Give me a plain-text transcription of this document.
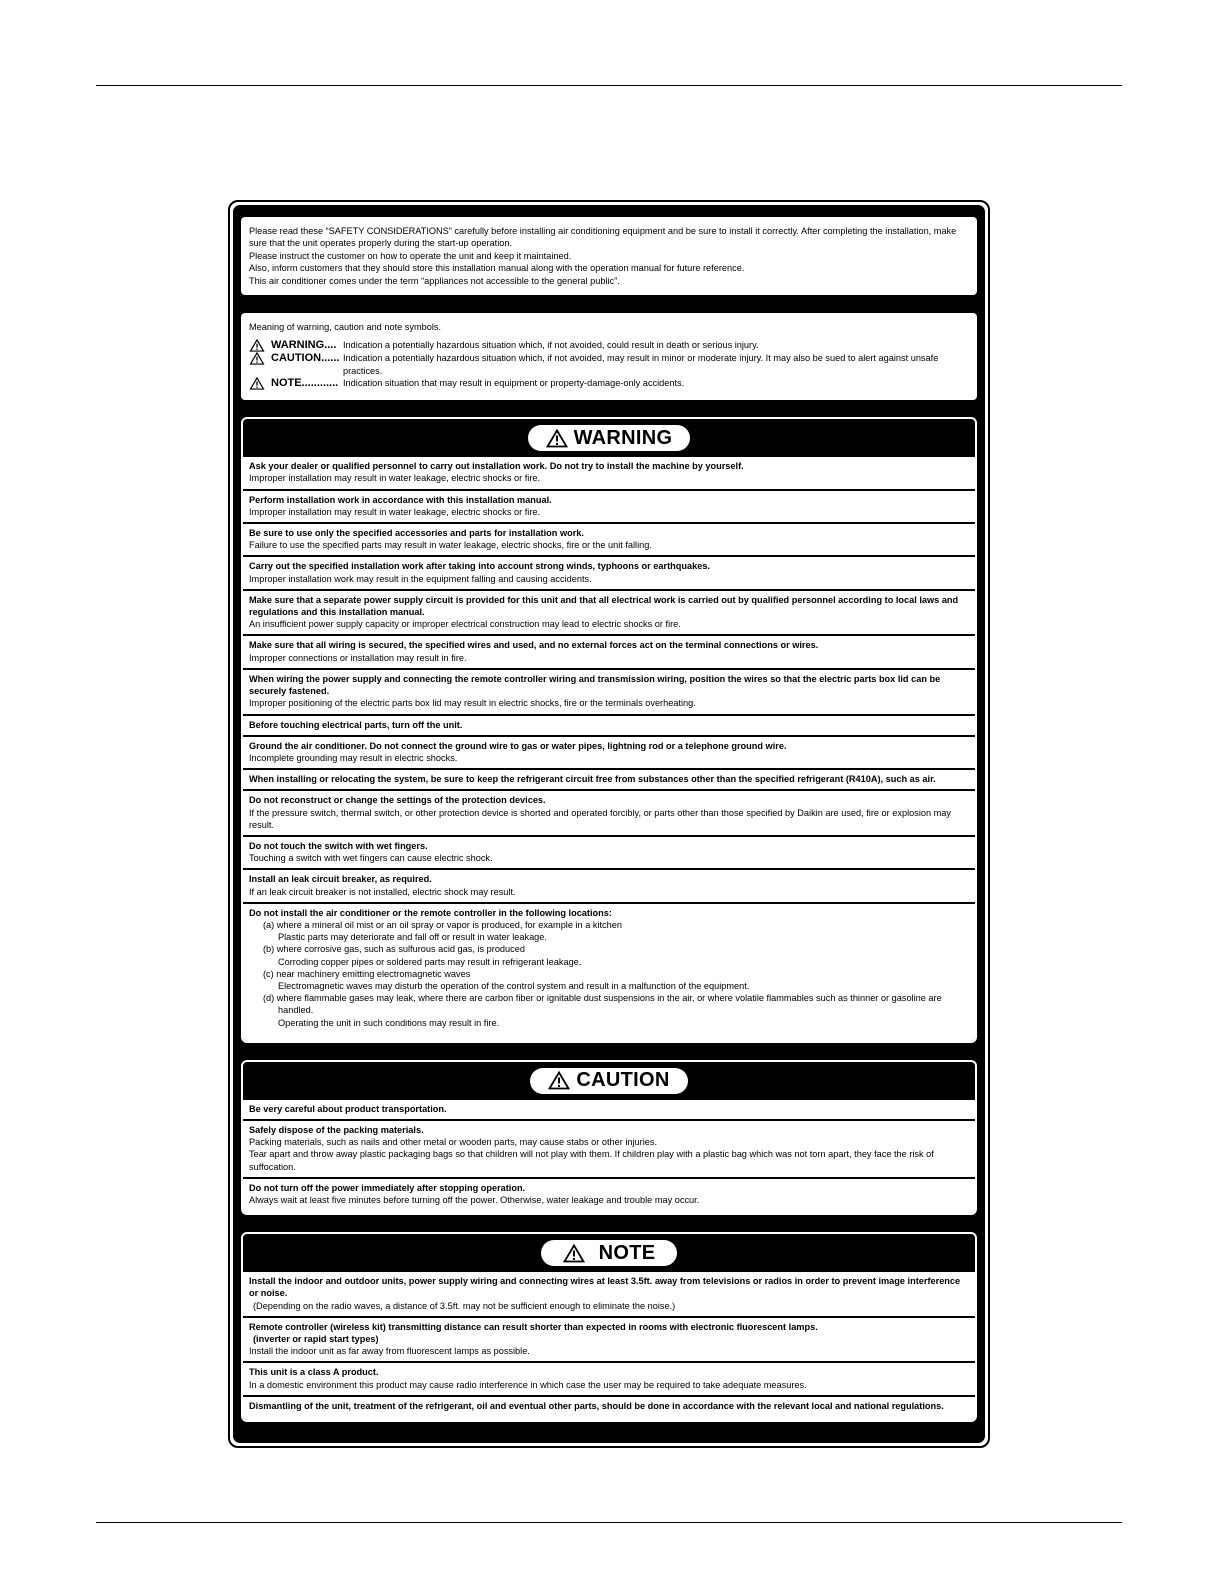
Please read these “SAFETY CONSIDERATIONS” carefully before installing air conditioning equipment and be sure to install it correctly. After completing the installation, make sure that the unit operates properly during the start-up operation.
Please instruct the customer on how to operate the unit and keep it maintained.
Also, inform customers that they should store this installation manual along with the operation manual for future reference.
This air conditioner comes under the term “appliances not accessible to the general public”.
Meaning of warning, caution and note symbols.
WARNING.... Indication a potentially hazardous situation which, if not avoided, could result in death or serious injury.
CAUTION...... Indication a potentially hazardous situation which, if not avoided, may result in minor or moderate injury. It may also be sued to alert against unsafe practices.
NOTE............ Indication situation that may result in equipment or property-damage-only accidents.
WARNING
Ask your dealer or qualified personnel to carry out installation work. Do not try to install the machine by yourself.
Improper installation may result in water leakage, electric shocks or fire.
Perform installation work in accordance with this installation manual.
Improper installation may result in water leakage, electric shocks or fire.
Be sure to use only the specified accessories and parts for installation work.
Failure to use the specified parts may result in water leakage, electric shocks, fire or the unit falling.
Carry out the specified installation work after taking into account strong winds, typhoons or earthquakes.
Improper installation work may result in the equipment falling and causing accidents.
Make sure that a separate power supply circuit is provided for this unit and that all electrical work is carried out by qualified personnel according to local laws and regulations and this installation manual.
An insufficient power supply capacity or improper electrical construction may lead to electric shocks or fire.
Make sure that all wiring is secured, the specified wires and used, and no external forces act on the terminal connections or wires.
Improper connections or installation may result in fire.
When wiring the power supply and connecting the remote controller wiring and transmission wiring, position the wires so that the electric parts box lid can be securely fastened.
Improper positioning of the electric parts box lid may result in electric shocks, fire or the terminals overheating.
Before touching electrical parts, turn off the unit.
Ground the air conditioner. Do not connect the ground wire to gas or water pipes, lightning rod or a telephone ground wire.
Incomplete grounding may result in electric shocks.
When installing or relocating the system, be sure to keep the refrigerant circuit free from substances other than the specified refrigerant (R410A), such as air.
Do not reconstruct or change the settings of the protection devices.
If the pressure switch, thermal switch, or other protection device is shorted and operated forcibly, or parts other than those specified by Daikin are used, fire or explosion may result.
Do not touch the switch with wet fingers.
Touching a switch with wet fingers can cause electric shock.
Install an leak circuit breaker, as required.
If an leak circuit breaker is not installed, electric shock may result.
Do not install the air conditioner or the remote controller in the following locations:
(a) where a mineral oil mist or an oil spray or vapor is produced, for example in a kitchen
Plastic parts may deteriorate and fall off or result in water leakage.
(b) where corrosive gas, such as sulfurous acid gas, is produced
Corroding copper pipes or soldered parts may result in refrigerant leakage.
(c) near machinery emitting electromagnetic waves
Electromagnetic waves may disturb the operation of the control system and result in a malfunction of the equipment.
(d) where flammable gases may leak, where there are carbon fiber or ignitable dust suspensions in the air, or where volatile flammables such as thinner or gasoline are handled.
Operating the unit in such conditions may result in fire.
CAUTION
Be very careful about product transportation.
Safely dispose of the packing materials.
Packing materials, such as nails and other metal or wooden parts, may cause stabs or other injuries.
Tear apart and throw away plastic packaging bags so that children will not play with them. If children play with a plastic bag which was not torn apart, they face the risk of suffocation.
Do not turn off the power immediately after stopping operation.
Always wait at least five minutes before turning off the power. Otherwise, water leakage and trouble may occur.
NOTE
Install the indoor and outdoor units, power supply wiring and connecting wires at least 3.5ft. away from televisions or radios in order to prevent image interference or noise.
(Depending on the radio waves, a distance of 3.5ft. may not be sufficient enough to eliminate the noise.)
Remote controller (wireless kit) transmitting distance can result shorter than expected in rooms with electronic fluorescent lamps.
(inverter or rapid start types)
Install the indoor unit as far away from fluorescent lamps as possible.
This unit is a class A product.
In a domestic environment this product may cause radio interference in which case the user may be required to take adequate measures.
Dismantling of the unit, treatment of the refrigerant, oil and eventual other parts, should be done in accordance with the relevant local and national regulations.
